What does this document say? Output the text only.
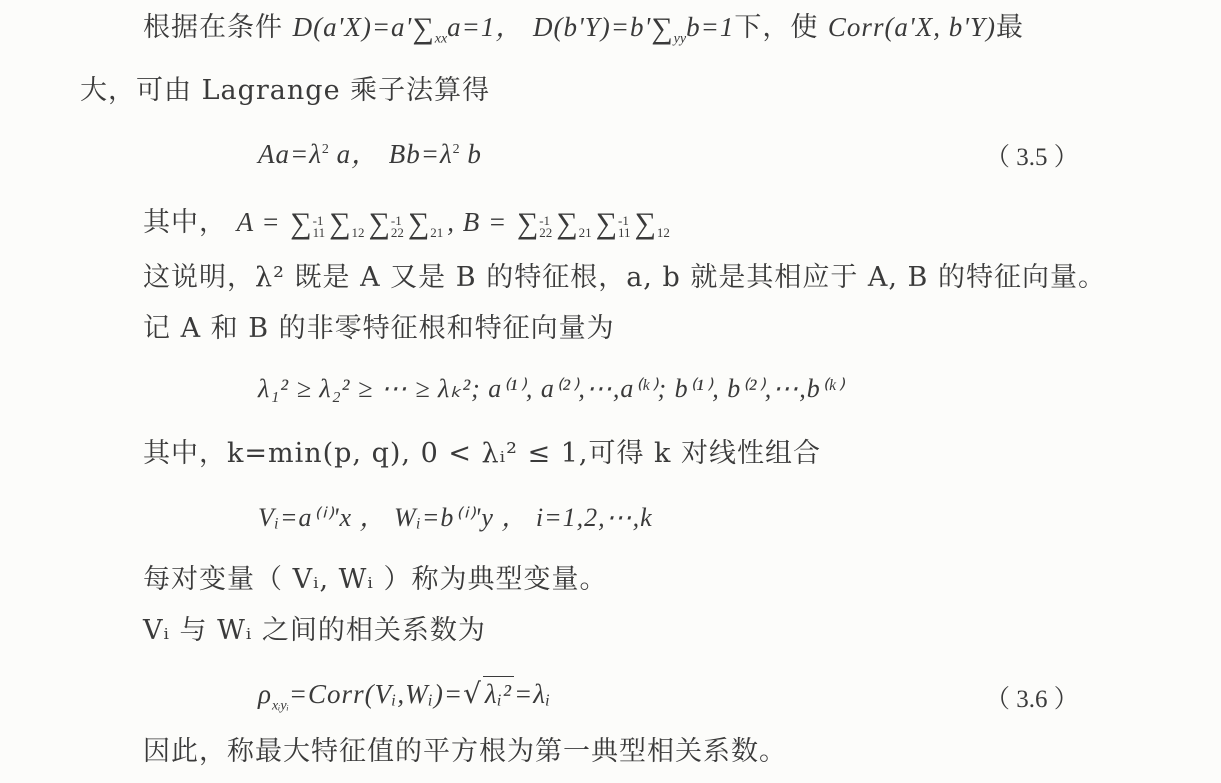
根据在条件 $D(a'X)=a'\sum_{xx}a=1$， $D(b'Y)=b'\sum_{yy}b=1$下，使 Corr(a'X, b'Y)最
大，可由 Lagrange 乘子法算得
$Aa=\lambda^2$ a， $Bb=\lambda^2$ b	（ 3.5 ）
其中， A = ∑ -1
11 ∑
12 ∑ -1
22 ∑
21 , B = ∑ -1
22 ∑
21 ∑ -1
11 ∑
12
这说明，λ² 既是 A 又是 B 的特征根，a, b 就是其相应于 A, B 的特征向量。
记 A 和 B 的非零特征根和特征向量为
λ₁² ≥ λ₂² ≥ ⋯ ≥ λₖ²; a⁽¹⁾, a⁽²⁾,⋯,a⁽ᵏ⁾; b⁽¹⁾, b⁽²⁾,⋯,b⁽ᵏ⁾
其中，k=min(p, q), 0 < λᵢ² ≤ 1,可得 k 对线性组合
Vᵢ=a⁽ⁱ⁾'x ， Wᵢ=b⁽ⁱ⁾'y ， i=1,2,⋯,k
每对变量（ Vᵢ, Wᵢ ）称为典型变量。
Vᵢ 与 Wᵢ 之间的相关系数为
$\rho_{xᵢyᵢ}=Corr(Vᵢ,Wᵢ)=√$ λᵢ²=λᵢ	（ 3.6 ）
因此，称最大特征值的平方根为第一典型相关系数。
